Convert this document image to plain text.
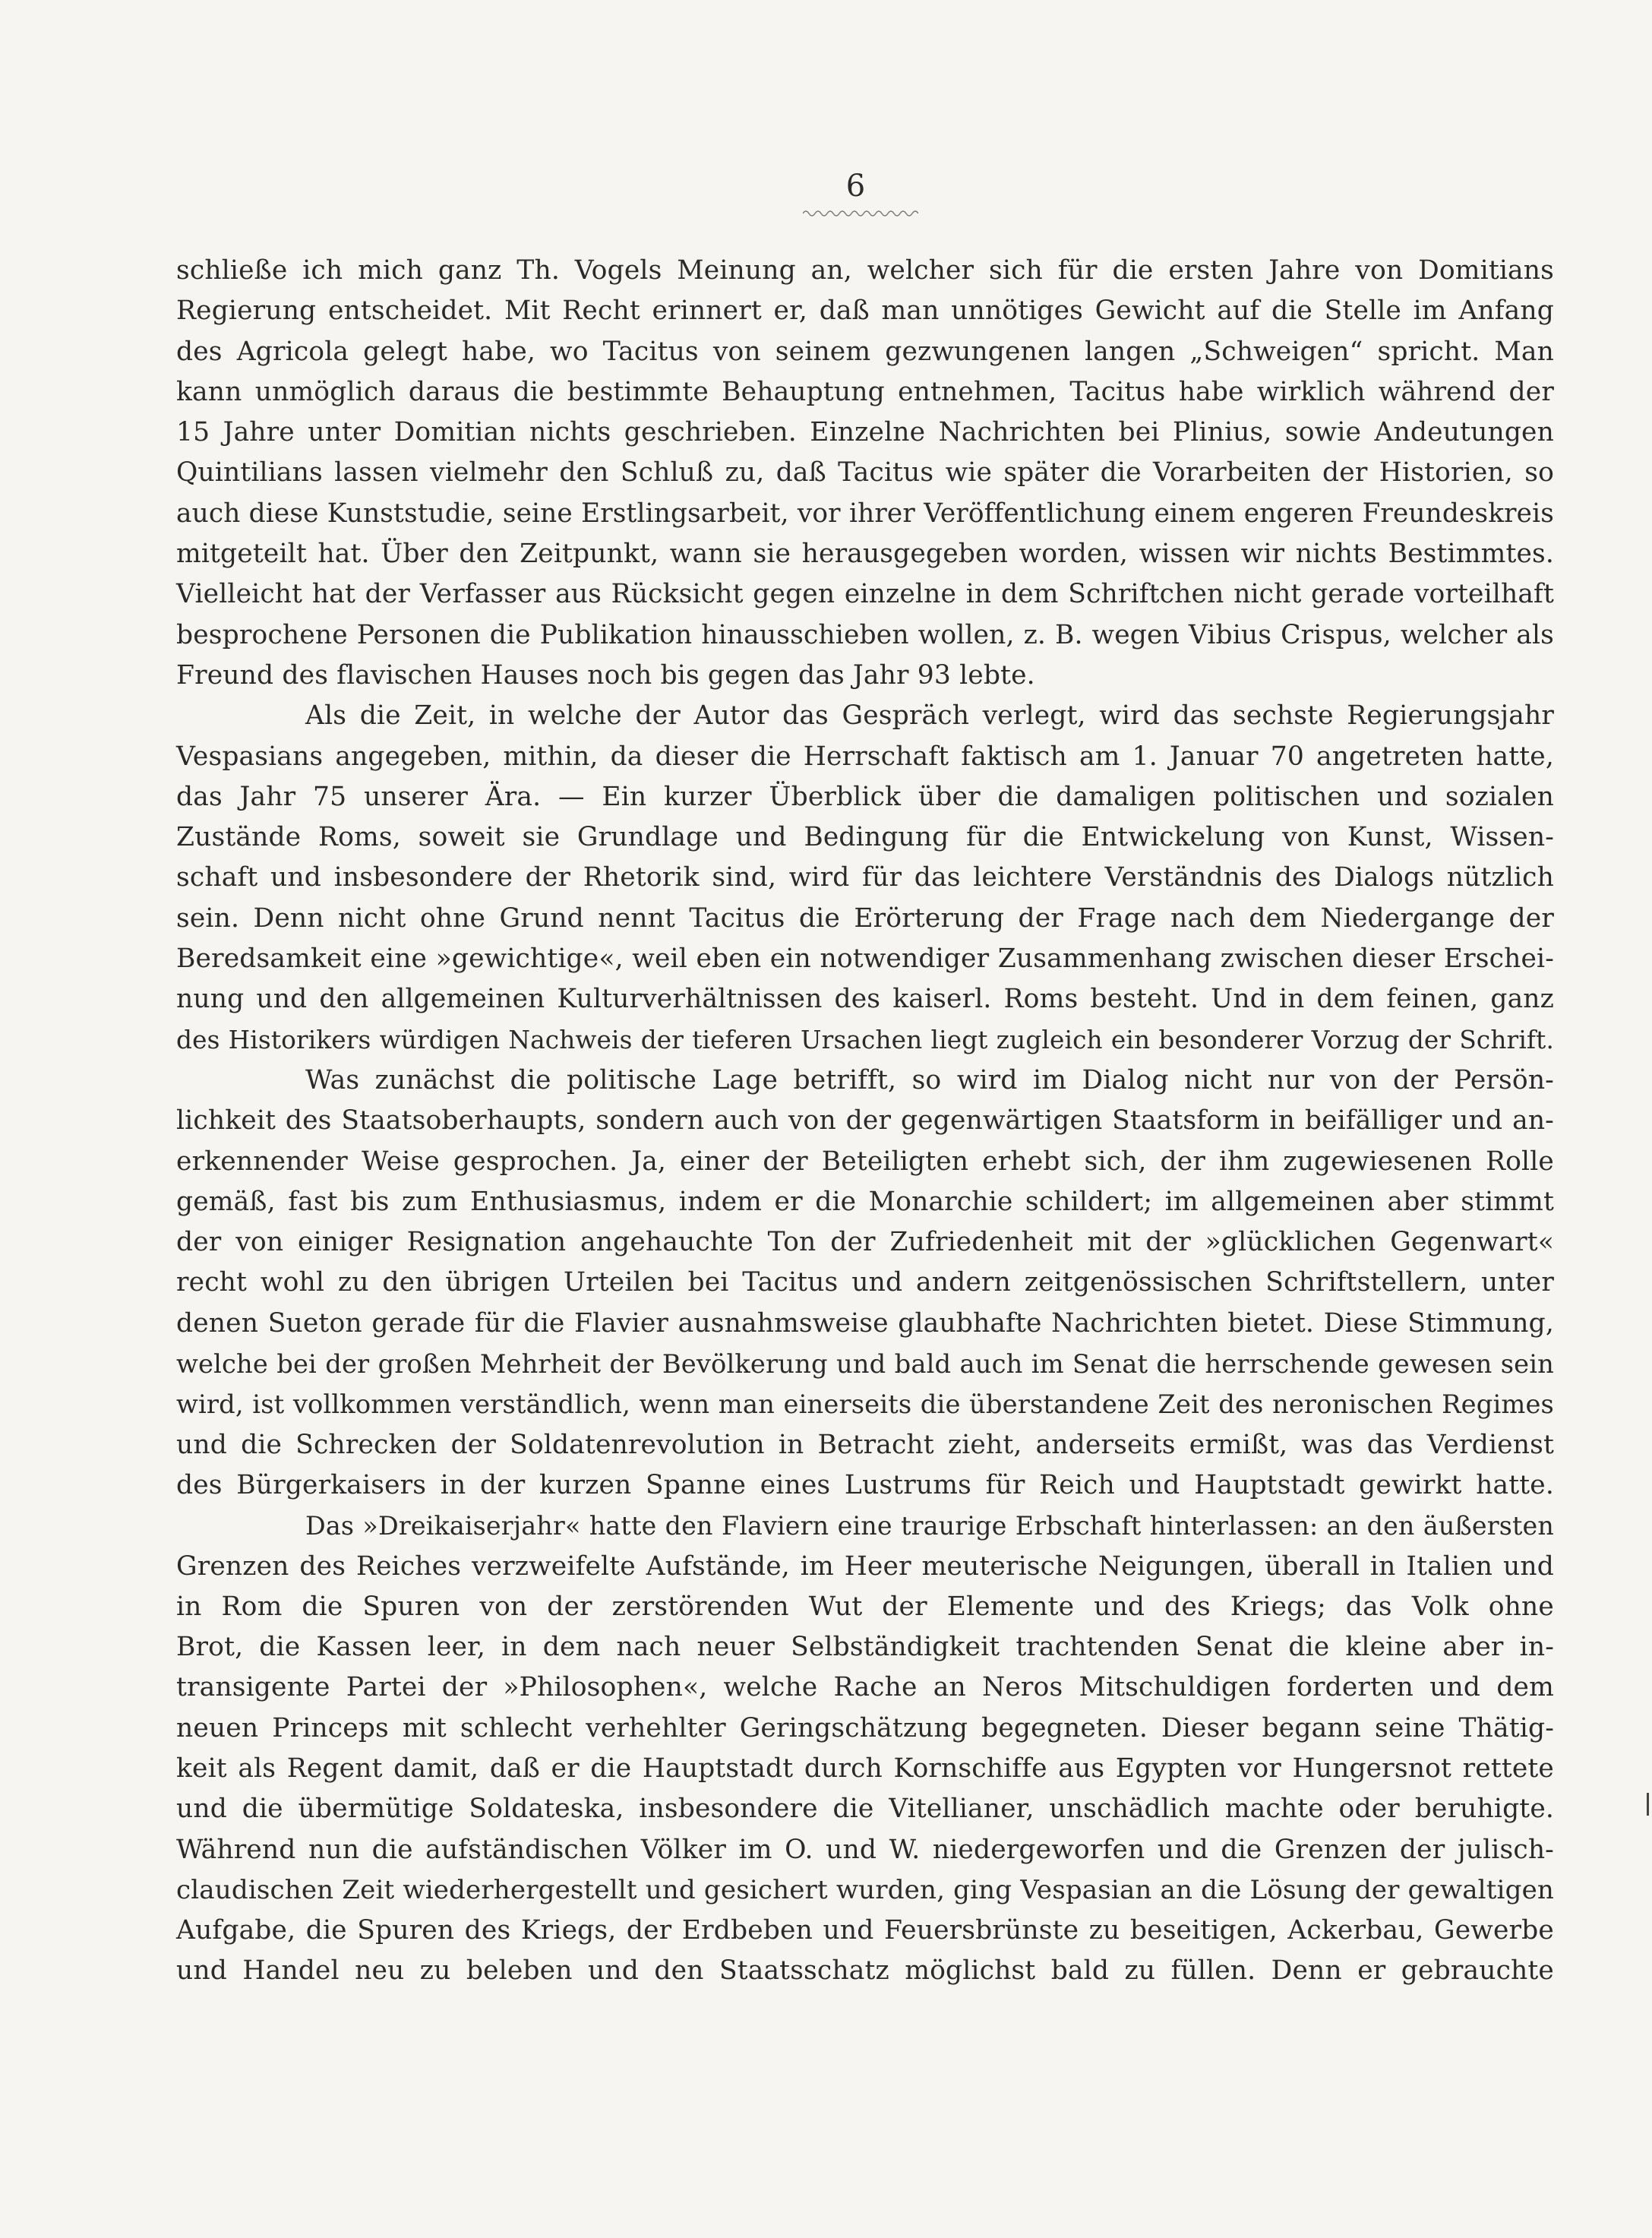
6
schließe ich mich ganz Th. Vogels Meinung an, welcher sich für die ersten Jahre von Domitians
Regierung entscheidet. Mit Recht erinnert er, daß man unnötiges Gewicht auf die Stelle im Anfang
des Agricola gelegt habe, wo Tacitus von seinem gezwungenen langen „Schweigen“ spricht. Man
kann unmöglich daraus die bestimmte Behauptung entnehmen, Tacitus habe wirklich während der
15 Jahre unter Domitian nichts geschrieben. Einzelne Nachrichten bei Plinius, sowie Andeutungen
Quintilians lassen vielmehr den Schluß zu, daß Tacitus wie später die Vorarbeiten der Historien, so
auch diese Kunststudie, seine Erstlingsarbeit, vor ihrer Veröffentlichung einem engeren Freundeskreis
mitgeteilt hat. Über den Zeitpunkt, wann sie herausgegeben worden, wissen wir nichts Bestimmtes.
Vielleicht hat der Verfasser aus Rücksicht gegen einzelne in dem Schriftchen nicht gerade vorteilhaft
besprochene Personen die Publikation hinausschieben wollen, z. B. wegen Vibius Crispus, welcher als
Freund des flavischen Hauses noch bis gegen das Jahr 93 lebte.
Als die Zeit, in welche der Autor das Gespräch verlegt, wird das sechste Regierungsjahr
Vespasians angegeben, mithin, da dieser die Herrschaft faktisch am 1. Januar 70 angetreten hatte,
das Jahr 75 unserer Ära. — Ein kurzer Überblick über die damaligen politischen und sozialen
Zustände Roms, soweit sie Grundlage und Bedingung für die Entwickelung von Kunst, Wissen-
schaft und insbesondere der Rhetorik sind, wird für das leichtere Verständnis des Dialogs nützlich
sein. Denn nicht ohne Grund nennt Tacitus die Erörterung der Frage nach dem Niedergange der
Beredsamkeit eine »gewichtige«, weil eben ein notwendiger Zusammenhang zwischen dieser Erschei-
nung und den allgemeinen Kulturverhältnissen des kaiserl. Roms besteht. Und in dem feinen, ganz
des Historikers würdigen Nachweis der tieferen Ursachen liegt zugleich ein besonderer Vorzug der Schrift.
Was zunächst die politische Lage betrifft, so wird im Dialog nicht nur von der Persön-
lichkeit des Staatsoberhaupts, sondern auch von der gegenwärtigen Staatsform in beifälliger und an-
erkennender Weise gesprochen. Ja, einer der Beteiligten erhebt sich, der ihm zugewiesenen Rolle
gemäß, fast bis zum Enthusiasmus, indem er die Monarchie schildert; im allgemeinen aber stimmt
der von einiger Resignation angehauchte Ton der Zufriedenheit mit der »glücklichen Gegenwart«
recht wohl zu den übrigen Urteilen bei Tacitus und andern zeitgenössischen Schriftstellern, unter
denen Sueton gerade für die Flavier ausnahmsweise glaubhafte Nachrichten bietet. Diese Stimmung,
welche bei der großen Mehrheit der Bevölkerung und bald auch im Senat die herrschende gewesen sein
wird, ist vollkommen verständlich, wenn man einerseits die überstandene Zeit des neronischen Regimes
und die Schrecken der Soldatenrevolution in Betracht zieht, anderseits ermißt, was das Verdienst
des Bürgerkaisers in der kurzen Spanne eines Lustrums für Reich und Hauptstadt gewirkt hatte.
Das »Dreikaiserjahr« hatte den Flaviern eine traurige Erbschaft hinterlassen: an den äußersten
Grenzen des Reiches verzweifelte Aufstände, im Heer meuterische Neigungen, überall in Italien und
in Rom die Spuren von der zerstörenden Wut der Elemente und des Kriegs; das Volk ohne
Brot, die Kassen leer, in dem nach neuer Selbständigkeit trachtenden Senat die kleine aber in-
transigente Partei der »Philosophen«, welche Rache an Neros Mitschuldigen forderten und dem
neuen Princeps mit schlecht verhehlter Geringschätzung begegneten. Dieser begann seine Thätig-
keit als Regent damit, daß er die Hauptstadt durch Kornschiffe aus Egypten vor Hungersnot rettete
und die übermütige Soldateska, insbesondere die Vitellianer, unschädlich machte oder beruhigte.
Während nun die aufständischen Völker im O. und W. niedergeworfen und die Grenzen der julisch-
claudischen Zeit wiederhergestellt und gesichert wurden, ging Vespasian an die Lösung der gewaltigen
Aufgabe, die Spuren des Kriegs, der Erdbeben und Feuersbrünste zu beseitigen, Ackerbau, Gewerbe
und Handel neu zu beleben und den Staatsschatz möglichst bald zu füllen. Denn er gebrauchte
